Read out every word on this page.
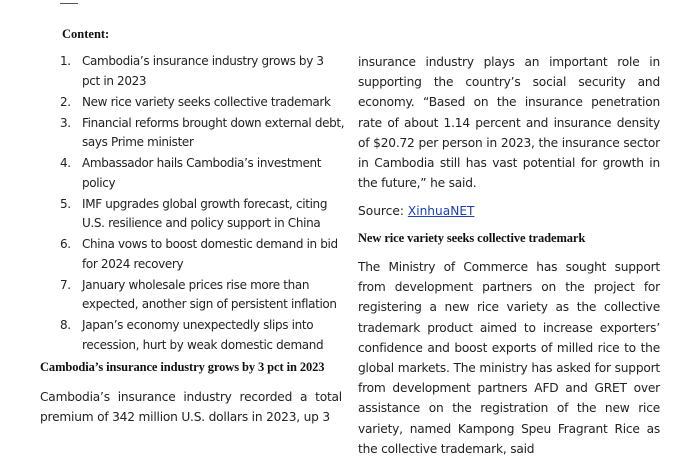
Content:
1. Cambodia’s insurance industry grows by 3 pct in 2023
2. New rice variety seeks collective trademark
3. Financial reforms brought down external debt, says Prime minister
4. Ambassador hails Cambodia’s investment policy
5. IMF upgrades global growth forecast, citing U.S. resilience and policy support in China
6. China vows to boost domestic demand in bid for 2024 recovery
7. January wholesale prices rise more than expected, another sign of persistent inflation
8. Japan’s economy unexpectedly slips into recession, hurt by weak domestic demand
Cambodia’s insurance industry grows by 3 pct in 2023

Cambodia’s insurance industry recorded a total premium of 342 million U.S. dollars in 2023, up 3

insurance industry plays an important role in supporting the country’s social security and economy. “Based on the insurance penetration rate of about 1.14 percent and insurance density of $20.72 per person in 2023, the insurance sector in Cambodia still has vast potential for growth in the future,” he said.

Source: XinhuaNET
New rice variety seeks collective trademark

The Ministry of Commerce has sought support from development partners on the project for registering a new rice variety as the collective trademark product aimed to increase exporters’ confidence and boost exports of milled rice to the global markets. The ministry has asked for support from development partners AFD and GRET over assistance on the registration of the new rice variety, named Kampong Speu Fragrant Rice as the collective trademark, said
